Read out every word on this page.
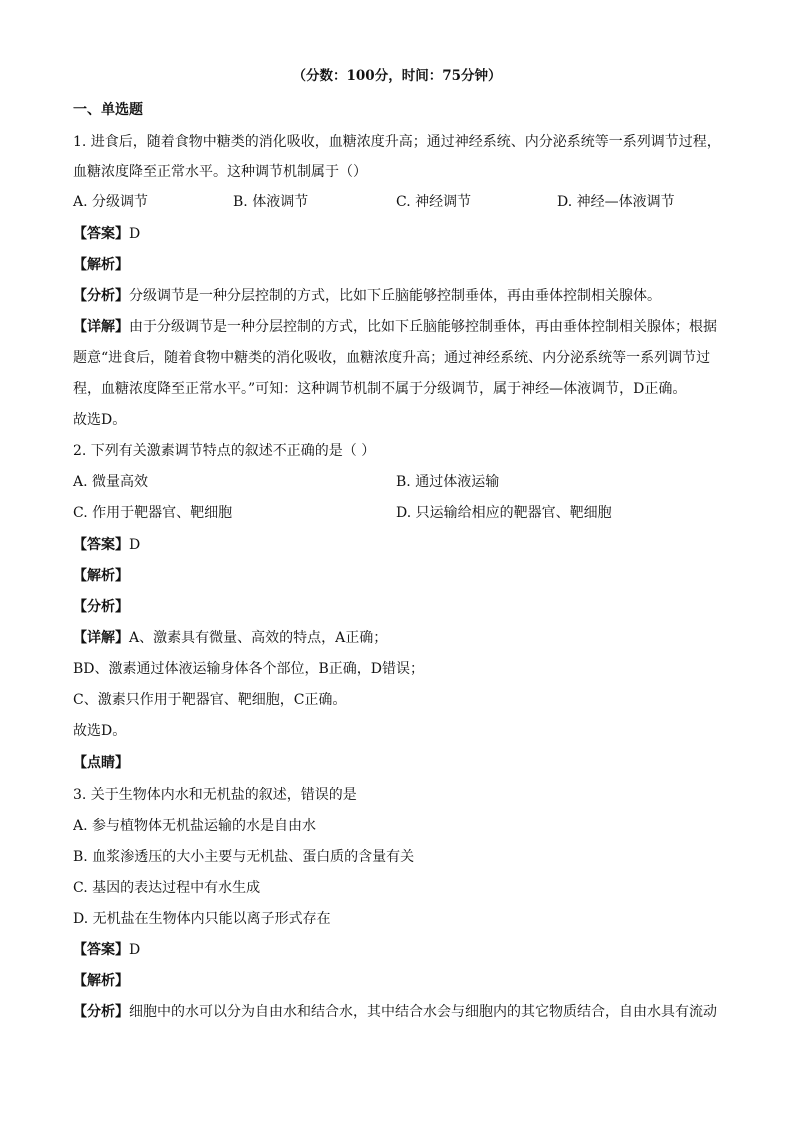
（分数：100分，时间：75分钟）
一、单选题
1. 进食后，随着食物中糖类的消化吸收，血糖浓度升高；通过神经系统、内分泌系统等一系列调节过程，
血糖浓度降至正常水平。这种调节机制属于（）
A. 分级调节	B. 体液调节	C. 神经调节	D. 神经—体液调节
【答案】D
【解析】
【分析】分级调节是一种分层控制的方式，比如下丘脑能够控制垂体，再由垂体控制相关腺体。
【详解】由于分级调节是一种分层控制的方式，比如下丘脑能够控制垂体，再由垂体控制相关腺体；根据
题意“进食后，随着食物中糖类的消化吸收，血糖浓度升高；通过神经系统、内分泌系统等一系列调节过
程，血糖浓度降至正常水平。”可知：这种调节机制不属于分级调节，属于神经—体液调节，D正确。
故选D。
2. 下列有关激素调节特点的叙述不正确的是（ ）
A. 微量高效	B. 通过体液运输
C. 作用于靶器官、靶细胞	D. 只运输给相应的靶器官、靶细胞
【答案】D
【解析】
【分析】
【详解】A、激素具有微量、高效的特点，A正确；
BD、激素通过体液运输身体各个部位，B正确，D错误；
C、激素只作用于靶器官、靶细胞，C正确。
故选D。
【点睛】
3. 关于生物体内水和无机盐的叙述，错误的是
A. 参与植物体无机盐运输的水是自由水
B. 血浆渗透压的大小主要与无机盐、蛋白质的含量有关
C. 基因的表达过程中有水生成
D. 无机盐在生物体内只能以离子形式存在
【答案】D
【解析】
【分析】细胞中的水可以分为自由水和结合水，其中结合水会与细胞内的其它物质结合，自由水具有流动
